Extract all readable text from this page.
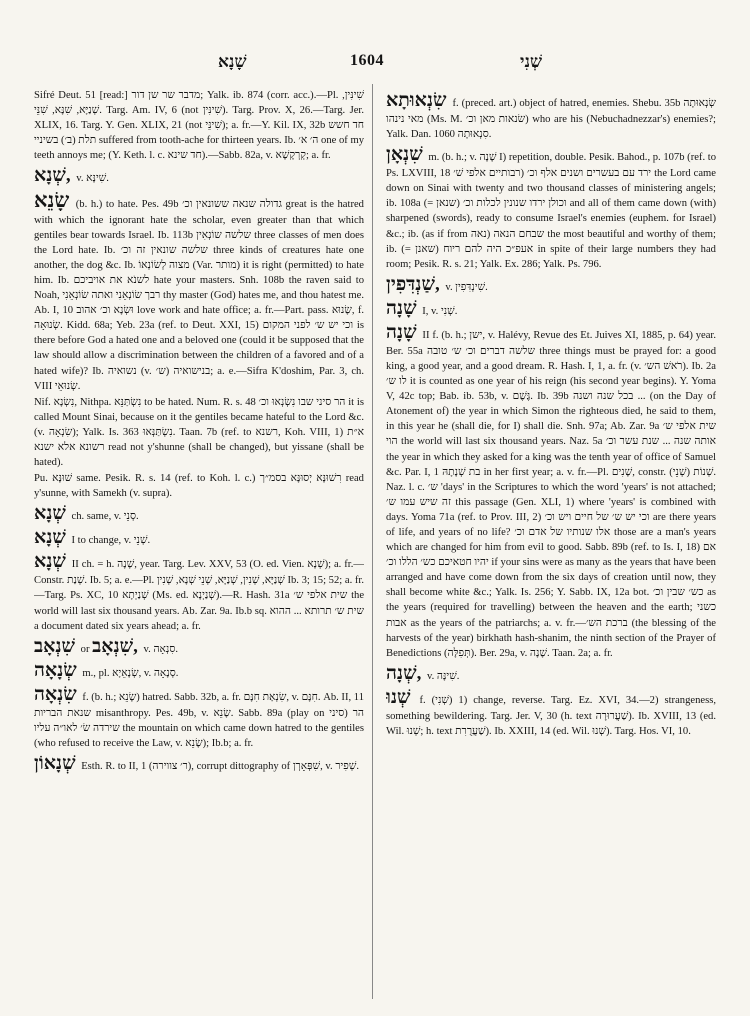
שָׁנָא	1604	שְׁנִי

Sifré Deut. 51 [read:] מדבר שר שן דור; Yalk. ib. 874 (corr. acc.).—Pl. שִׁינִּין, שְׁנַיָּא, שִׁנָּא, שִׁנֵּי. Targ. Am. IV, 6 (not שִׁינִּין). Targ. Prov. X, 26.—Targ. Jer. XLIX, 16. Targ. Y. Gen. XLIX, 21 (not שִׁינֵּי); a. fr.—Y. Kil. IX, 32b חד חשש תלת (ב׳) בשיניי suffered from tooth-ache for thirteen years. Ib. ה׳ א׳ one of my teeth annoys me; (Y. Keth. l. c. חד שינא).—Sabb. 82a, v. קְרְקָשָׁא; a. fr.

שְׁנָא, v. שִׁינָּא.
שָׂנֵא (b. h.) to hate. Pes. 49b גדולה שנאה ששונאין וכ׳ great is the hatred with which the ignorant hate the scholar, even greater than that which gentiles bear towards Israel. Ib. 113b שלשה שוֹנְאִין three classes of men does the Lord hate. Ib. שלשה שונאין זה וכ׳ three kinds of creatures hate one another, the dog &c. Ib. מצוה לְשׂוֹנְאוֹ (Var. מותר) it is right (permitted) to hate him. Ib. לשנֹא את אויביכם hate your masters. Snh. 108b the raven said to Noah, רבך שׂוֹנְאֵנִי ואתה שׂוֹנְאֵנִי thy master (God) hates me, and thou hatest me. Ab. I, 10 וּשְׂנָא וכ׳ אהוב love work and hate office; a. fr.—Part. pass. שָׂנוּא, f. שְׂנוּאָה. Kidd. 68a; Yeb. 23a (ref. to Deut. XXI, 15) וכי יש ש׳ לפני המקום is there before God a hated one and a beloved one (could it be supposed that the law should allow a discrimination between the children of a favored and of a hated wife)? Ib. נשואיה (v. ש׳) בנישואיה; a. e.—Sifra K'doshim, Par. 3, ch. VIII שְׂנוּאֵי.

Nif. נִשְׂנָא, Nithpa. נִשְׂתַּנֵּא to be hated. Num. R. s. 48 הר סיני שבו נִשְׂנְאוּ וכ׳ it is called Mount Sinai, because on it the gentiles became hateful to the Lord &c. (v. שִׂנְאָה); Yalk. Is. 363 נִשְׂתַּנְּאוּ. Taan. 7b (ref. to רשנא, Koh. VIII, 1) א״ת רשונא אלא ישנא read not y'shunne (shall be changed), but yissane (shall be hated).

Pu. שׁוּנָּא same. Pesik. R. s. 14 (ref. to Koh. l. c.) רִשׁוּנָּא יְסוּנָּא בסמ״ך read y'sunne, with Samekh (v. supra).

שְׁנָא ch. same, v. סְנֵי.
שְׁנָא I to change, v. שְׁנֵי.
שְׁנָא II ch. = h. שָׁנָה, year. Targ. Lev. XXV, 53 (O. ed. Vien. שְׁנָא); a. fr.—Constr. שְׁנַת. Ib. 5; a. e.—Pl. שְׁנַיָּא, שְׁנִין, שְׁנַיָּא, שְׁנֵי שְׁנָא, שְׁנִין Ib. 3; 15; 52; a. fr.—Targ. Ps. XC, 10 שְׁנַיְתָא (Ms. ed. שְׁנַיְנָא).—R. Hash. 31a שית אלפי ש׳ the world will last six thousand years. Ab. Zar. 9a. Ib.b sq. שית ש׳ תרותא ... ההוא a document dated six years ahead; a. fr.
שִׁנְאָב or שִׁנְאָב, v. סִנְאָה.
שְׂנָאָה m., pl. שְׂנָאֵיָא, v. סְנָאָה.
שִׂנְאָה f. (b. h.; שָׂנֵא) hatred. Sabb. 32b, a. fr. שִׂנְאַת חִנָּם, v. חִנָּם. Ab. II, 11 שנאת הבריות misanthropy. Pes. 49b, v. שָׂנֵא. Sabb. 89a (play on סיני) הר שירדה שׂ׳ לאו״ה עליו the mountain on which came down hatred to the gentiles (who refused to receive the Law, v. שָׂנֵא); Ib.b; a. fr.
שְׁנָאוֹן Esth. R. to II, 1 (ר׳ צווירה), corrupt dittography of שִׁפְּאָרְן, v. שְׁפִיר.
שִׂנְאוּתָא f. (preced. art.) object of hatred, enemies. Shebu. 35b שְׂנְאוּתָה מאי נינהו (Ms. M. שׂנאות מאן וכ׳) who are his (Nebuchadnezzar's) enemies?; Yalk. Dan. 1060 סִנְאוּתָה.
שִׁנְאָן m. (b. h.; v. שָׁנָה I) repetition, double. Pesik. Bahod., p. 107b (ref. to Ps. LXVIII, 18 רבותיים אלפי שׁ׳) ירד עם בעשרים ושנים אלף וכ׳ the Lord came down on Sinai with twenty and two thousand classes of ministering angels; ib. 108a (= שנאן) וכולן ירדו שנונין לכלות וכ׳ and all of them came down (with) sharpened (swords), ready to consume Israel's enemies (euphem. for Israel) &c.; ib. (as if from נאה) שבחם הנאה the most beautiful and worthy of them; ib. (= שאנן) אעפ״כ היה להם ריוח in spite of their large numbers they had room; Pesik. R. s. 21; Yalk. Ex. 286; Yalk. Ps. 796.
שַׁנְדִּפִין, v. שִׁינְדִּפִין.
שָׁנָה I, v. שְׁנִי.
שָׁנָה II f. (b. h.; ישן, v. Halévy, Revue des Et. Juives XI, 1885, p. 64) year. Ber. 55a שלשה דברים וכ׳ ש׳ טובה three things must be prayed for: a good king, a good year, and a good dream. R. Hash. I, 1, a. fr. (v. רֹאשׁ הש׳). Ib. 2a לו ש׳ it is counted as one year of his reign (his second year begins). Y. Yoma V, 42c top; Bab. ib. 53b, v. גֶּשֶׁם. Ib. 39b בכל שנה ושנה ... (on the Day of Atonement of) the year in which Simon the righteous died, he said to them, in this year he (shall die, for I) shall die. Snh. 97a; Ab. Zar. 9a שית אלפי ש׳ הוי the world will last six thousand years. Naz. 5a אותה שנה ... שנת עשר וכ׳ the year in which they asked for a king was the tenth year of office of Samuel &c. Par. I, 1 בת שְׁנָתָהּ in her first year; a. v. fr.—Pl. שָׁנִים, constr. שְׁנוֹת (שְׁנֵי). Naz. l. c. ש׳ 'days' in the Scriptures to which the word 'years' is not attached; זה שיש עמו ש׳ this passage (Gen. XLI, 1) where 'years' is combined with days. Yoma 71a (ref. to Prov. III, 2) וכי יש ש׳ של חיים ויש וכ׳ are there years of life, and years of no life? אלו שנותיו של אדם וכ׳ those are a man's years which are changed for him from evil to good. Sabb. 89b (ref. to Is. I, 18) אם יהיו חטאיכם כש׳ הללו וכ׳ if your sins were as many as the years that have been arranged and have come down from the six days of creation until now, they shall become white &c.; Yalk. Is. 256; Y. Sabb. IX, 12a bot. כש׳ שבין וכ׳ as the years (required for travelling) between the heaven and the earth; כשני אבות as the years of the patriarchs; a. v. fr.—ברכת הש׳ (the blessing of the harvests of the year) birkhath hash-shanim, the ninth section of the Prayer of Benedictions (תְּפִלָּה). Ber. 29a, v. שָׁנָה. Taan. 2a; a. fr.
שְׁנָה, v. שִׁינָּה.
שְׁנוּ f. (שְׁנִי) 1) change, reverse. Targ. Ez. XVI, 34.—2) strangeness, something bewildering. Targ. Jer. V, 30 (h. text שַׁעֲרוּרָה). Ib. XVIII, 13 (ed. Wil. שְׁנוּ; h. text שַׁעֲרֻרִת). Ib. XXIII, 14 (ed. Wil. שְׁנוּ). Targ. Hos. VI, 10.
